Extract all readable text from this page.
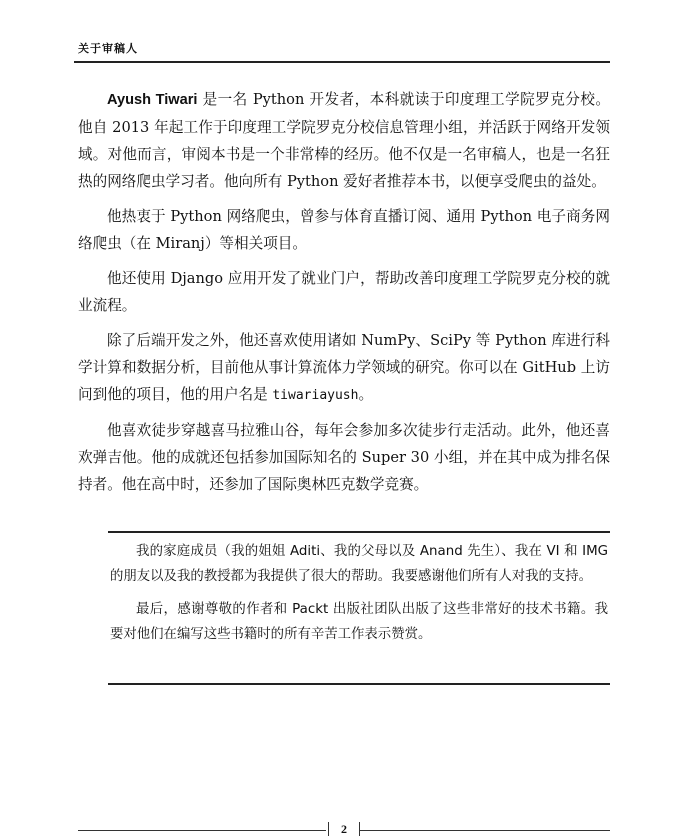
关于审稿人

Ayush Tiwari 是一名 Python 开发者，本科就读于印度理工学院罗克分校。他自 2013 年起工作于印度理工学院罗克分校信息管理小组，并活跃于网络开发领域。对他而言，审阅本书是一个非常棒的经历。他不仅是一名审稿人，也是一名狂热的网络爬虫学习者。他向所有 Python 爱好者推荐本书，以便享受爬虫的益处。

他热衷于 Python 网络爬虫，曾参与体育直播订阅、通用 Python 电子商务网络爬虫（在 Miranj）等相关项目。

他还使用 Django 应用开发了就业门户，帮助改善印度理工学院罗克分校的就业流程。

除了后端开发之外，他还喜欢使用诸如 NumPy、SciPy 等 Python 库进行科学计算和数据分析，目前他从事计算流体力学领域的研究。你可以在 GitHub 上访问到他的项目，他的用户名是 tiwariayush。

他喜欢徒步穿越喜马拉雅山谷，每年会参加多次徒步行走活动。此外，他还喜欢弹吉他。他的成就还包括参加国际知名的 Super 30 小组，并在其中成为排名保持者。他在高中时，还参加了国际奥林匹克数学竞赛。

我的家庭成员（我的姐姐 Aditi、我的父母以及 Anand 先生）、我在 VI 和 IMG 的朋友以及我的教授都为我提供了很大的帮助。我要感谢他们所有人对我的支持。

最后，感谢尊敬的作者和 Packt 出版社团队出版了这些非常好的技术书籍。我要对他们在编写这些书籍时的所有辛苦工作表示赞赏。

2
